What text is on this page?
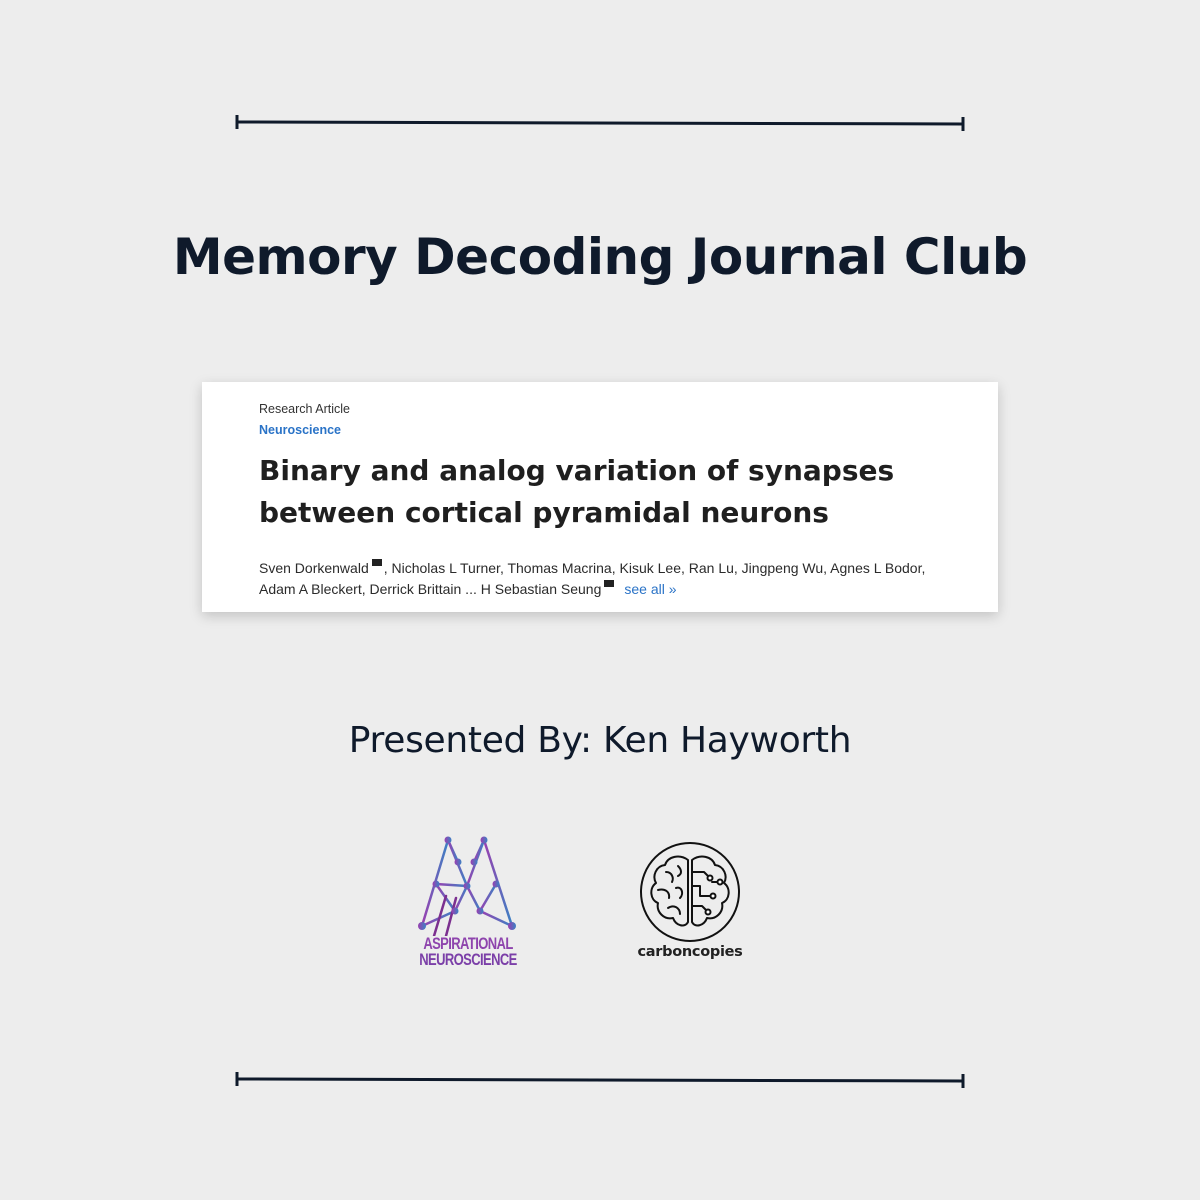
Memory Decoding Journal Club
Research Article
Neuroscience
Binary and analog variation of synapses between cortical pyramidal neurons
Sven Dorkenwald , Nicholas L Turner, Thomas Macrina, Kisuk Lee, Ran Lu, Jingpeng Wu, Agnes L Bodor,
Adam A Bleckert, Derrick Brittain ... H Sebastian Seung see all »
Presented By: Ken Hayworth
ASPIRATIONAL
NEUROSCIENCE	carboncopies
